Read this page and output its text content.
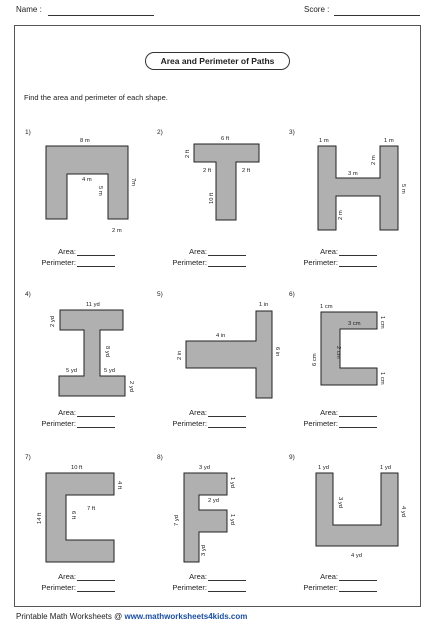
Name :	Score :
Area and Perimeter of Paths
Find the area and perimeter of each shape.
1)	2)	3)
4)	5)	6)
7)	8)	9)
8 m
4 m
5 m
7m
2 m
6 ft
2 ft
2 ft	2 ft
10 ft
1 m	1 m
2 m
3 m
5 m
2 m
11 yd
2 yd
8 yd
5 yd	5 yd
2 yd
1 in
4 in
2 in	6 in
1 cm
3 cm	1 cm
2 cm
6 cm
1 cm
10 ft
4 ft
7 ft
6 ft
14 ft
3 yd
1 yd
2 yd
1 yd
7 yd
3 yd
1 yd	1 yd
3 yd
4 yd
4 yd
Area:
Perimeter:
Area:
Perimeter:
Area:
Perimeter:
Area:
Perimeter:
Area:
Perimeter:
Area:
Perimeter:
Area:
Perimeter:
Area:
Perimeter:
Area:
Perimeter:
Printable Math Worksheets @ www.mathworksheets4kids.com
